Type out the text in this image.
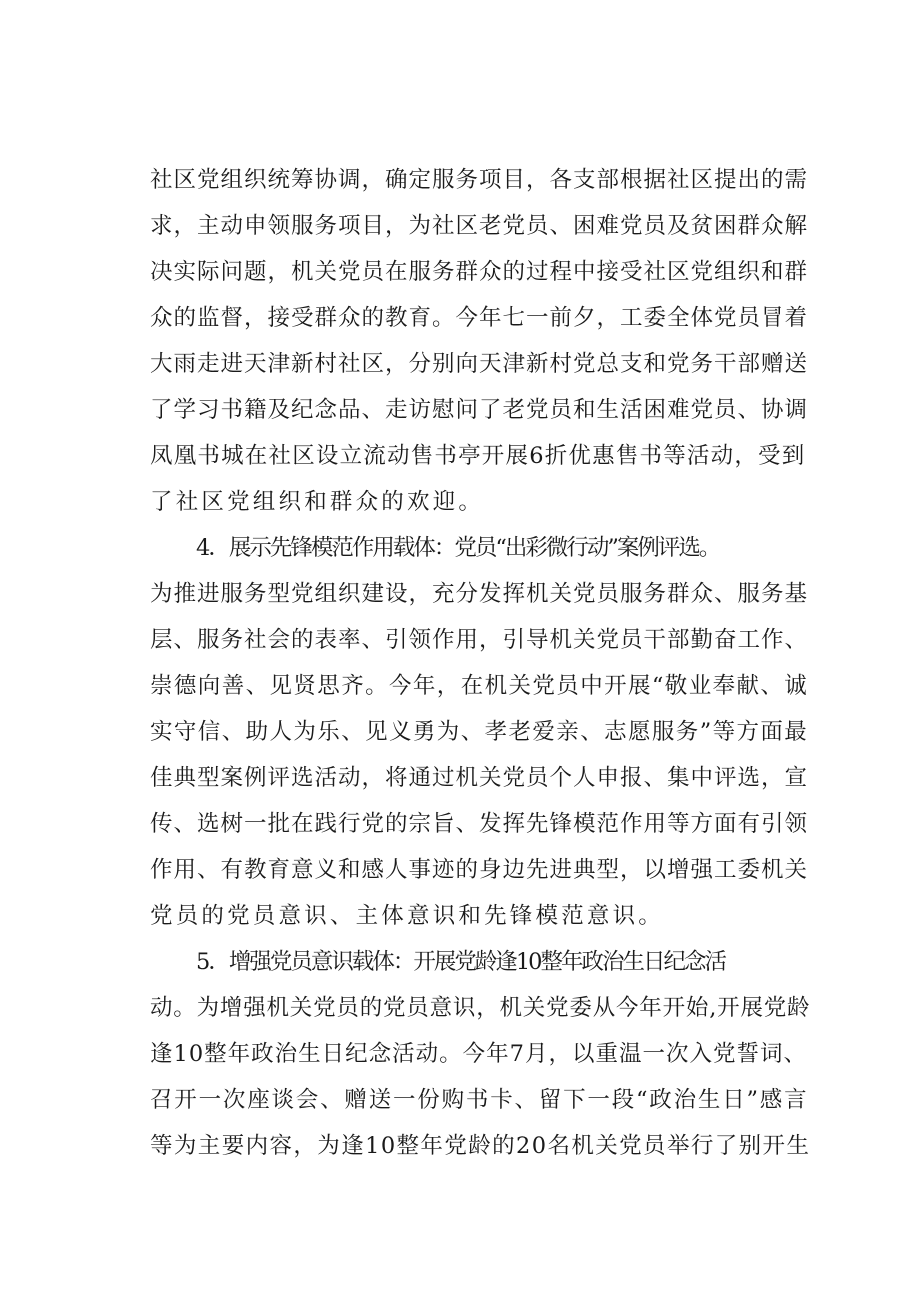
社区党组织统筹协调，确定服务项目，各支部根据社区提出的需
求，主动申领服务项目，为社区老党员、困难党员及贫困群众解
决实际问题，机关党员在服务群众的过程中接受社区党组织和群
众的监督，接受群众的教育。今年七一前夕，工委全体党员冒着
大雨走进天津新村社区，分别向天津新村党总支和党务干部赠送
了学习书籍及纪念品、走访慰问了老党员和生活困难党员、协调
凤凰书城在社区设立流动售书亭开展6折优惠售书等活动，受到
了社区党组织和群众的欢迎。
4．展示先锋模范作用载体：党员“出彩微行动”案例评选。
为推进服务型党组织建设，充分发挥机关党员服务群众、服务基
层、服务社会的表率、引领作用，引导机关党员干部勤奋工作、
崇德向善、见贤思齐。今年，在机关党员中开展“敬业奉献、诚
实守信、助人为乐、见义勇为、孝老爱亲、志愿服务”等方面最
佳典型案例评选活动，将通过机关党员个人申报、集中评选，宣
传、选树一批在践行党的宗旨、发挥先锋模范作用等方面有引领
作用、有教育意义和感人事迹的身边先进典型，以增强工委机关
党员的党员意识、主体意识和先锋模范意识。
5．增强党员意识载体：开展党龄逢10整年政治生日纪念活
动。为增强机关党员的党员意识，机关党委从今年开始,开展党龄
逢10整年政治生日纪念活动。今年7月，以重温一次入党誓词、
召开一次座谈会、赠送一份购书卡、留下一段“政治生日”感言
等为主要内容，为逢10整年党龄的20名机关党员举行了别开生
